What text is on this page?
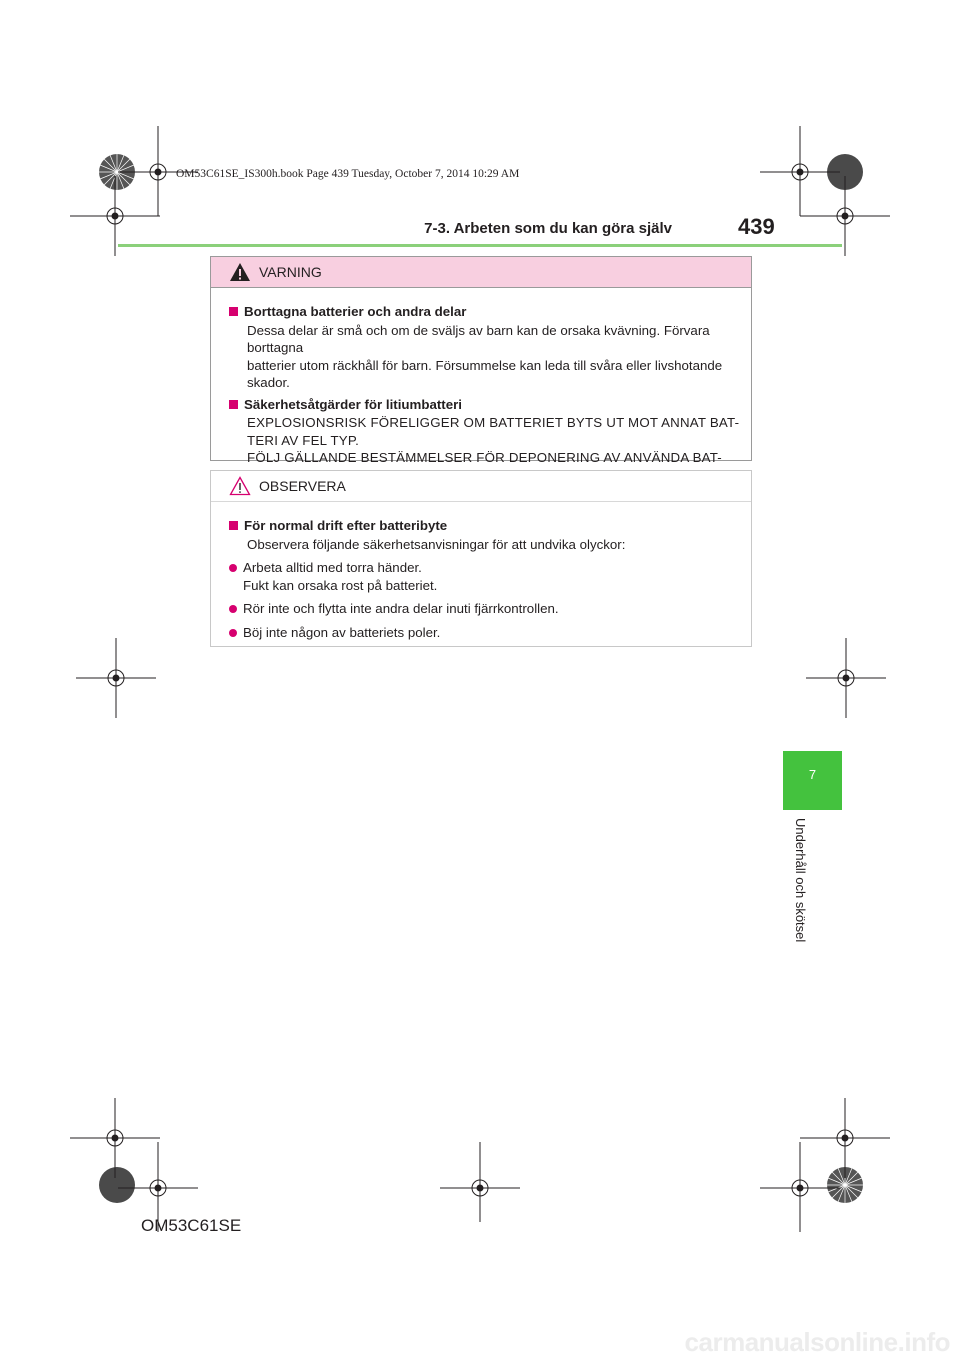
OM53C61SE_IS300h.book Page 439 Tuesday, October 7, 2014 10:29 AM
7-3. Arbeten som du kan göra själv	439
VARNING
Borttagna batterier och andra delar
Dessa delar är små och om de sväljs av barn kan de orsaka kvävning. Förvara borttagna
batterier utom räckhåll för barn. Försummelse kan leda till svåra eller livshotande skador.
Säkerhetsåtgärder för litiumbatteri
EXPLOSIONSRISK FÖRELIGGER OM BATTERIET BYTS UT MOT ANNAT BAT-
TERI AV FEL TYP.
FÖLJ GÄLLANDE BESTÄMMELSER FÖR DEPONERING AV ANVÄNDA BAT-
OBSERVERA
För normal drift efter batteribyte
Observera följande säkerhetsanvisningar för att undvika olyckor:
Arbeta alltid med torra händer.
Fukt kan orsaka rost på batteriet.
Rör inte och flytta inte andra delar inuti fjärrkontrollen.
Böj inte någon av batteriets poler.
7
Underhåll och skötsel
OM53C61SE
carmanualsonline.info
